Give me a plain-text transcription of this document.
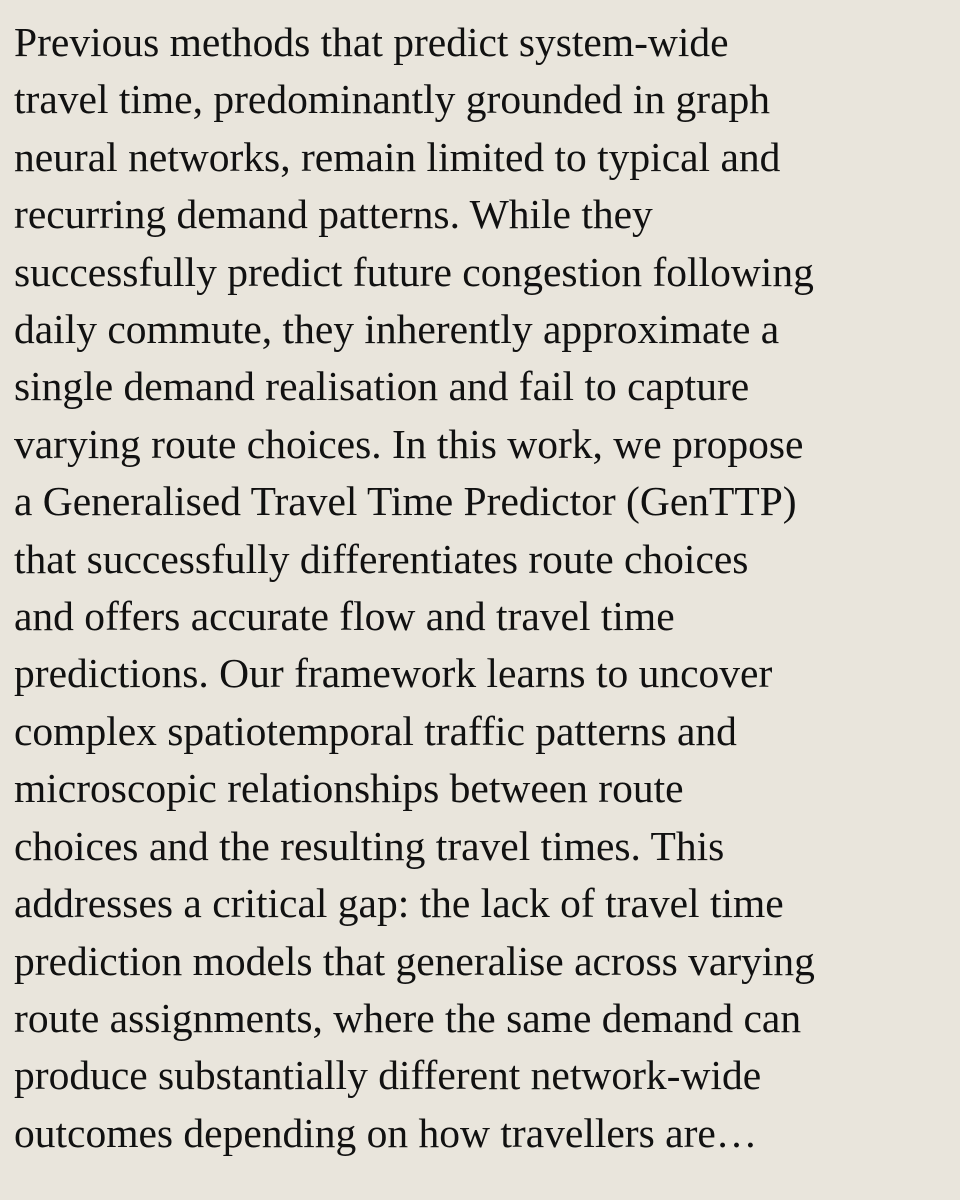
Previous methods that predict system-wide
travel time, predominantly grounded in graph
neural networks, remain limited to typical and
recurring demand patterns. While they
successfully predict future congestion following
daily commute, they inherently approximate a
single demand realisation and fail to capture
varying route choices. In this work, we propose
a Generalised Travel Time Predictor (GenTTP)
that successfully differentiates route choices
and offers accurate flow and travel time
predictions. Our framework learns to uncover
complex spatiotemporal traffic patterns and
microscopic relationships between route
choices and the resulting travel times. This
addresses a critical gap: the lack of travel time
prediction models that generalise across varying
route assignments, where the same demand can
produce substantially different network-wide
outcomes depending on how travellers are…
